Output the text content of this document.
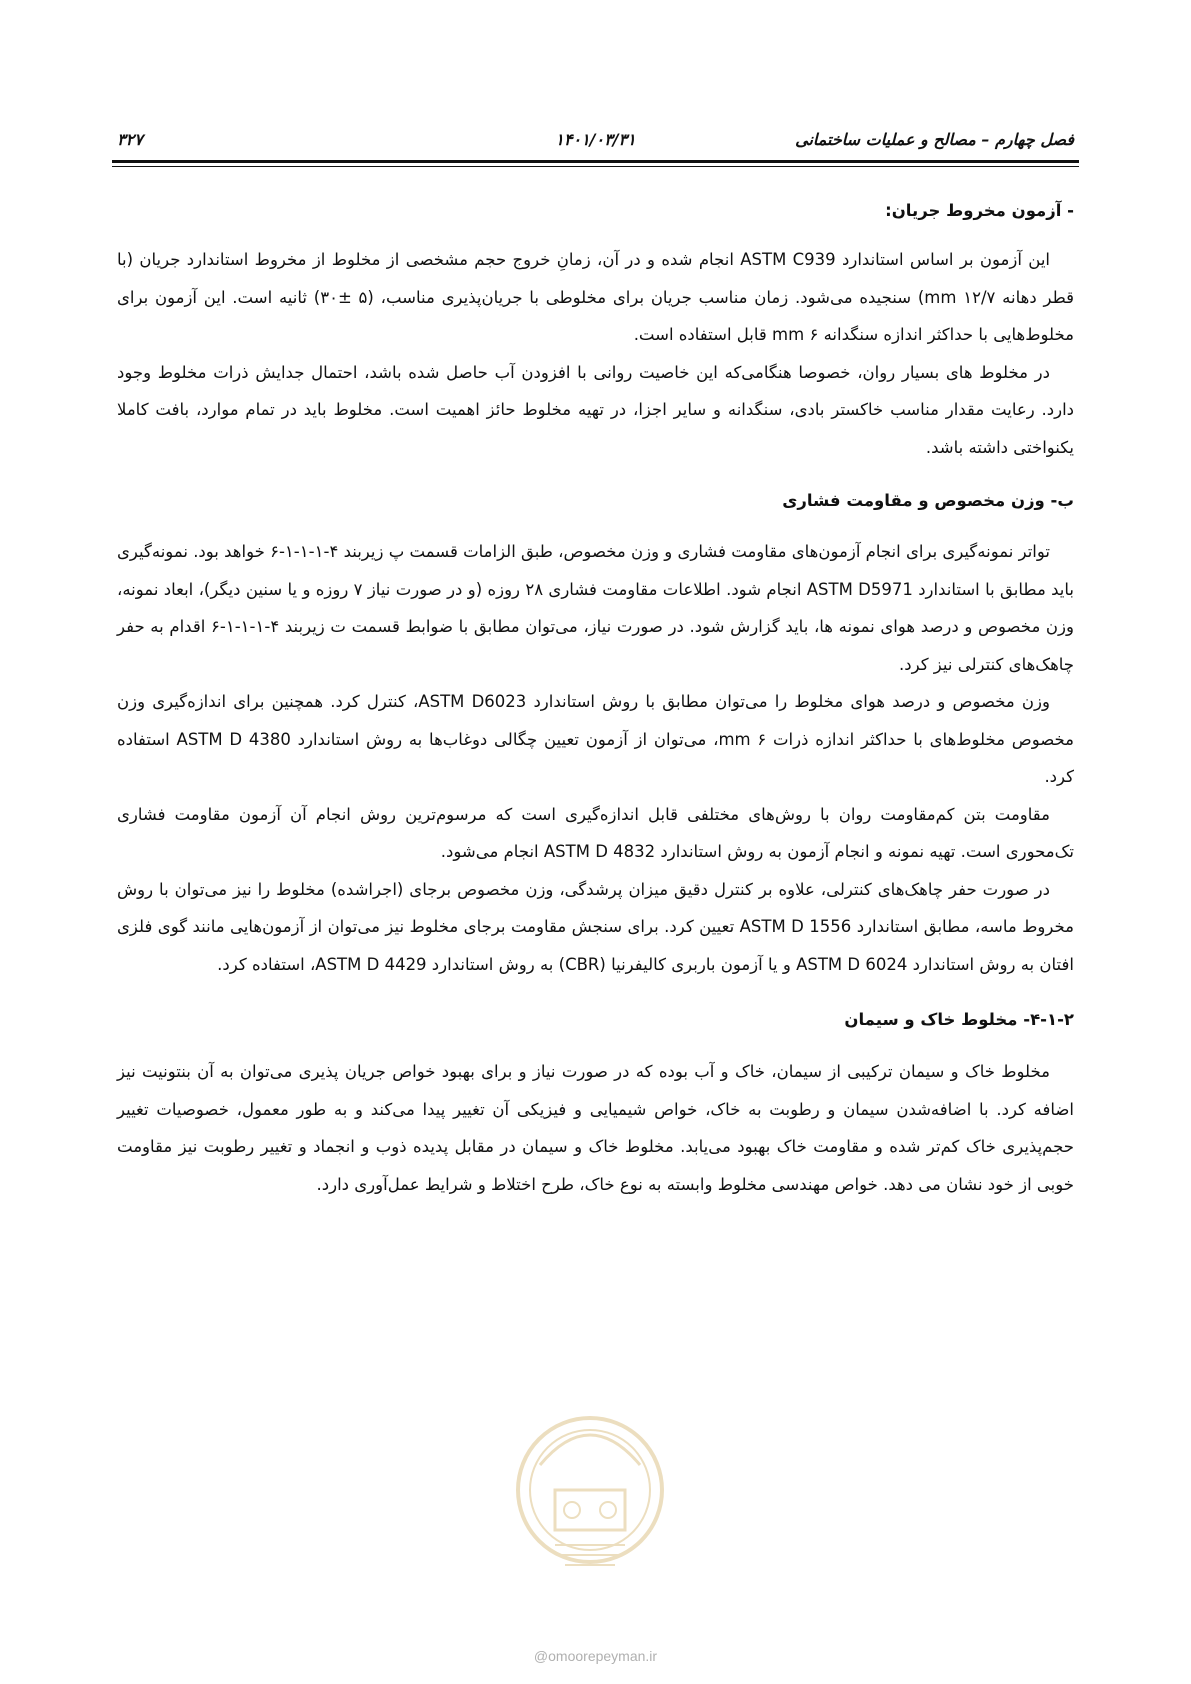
فصل چهارم – مصالح و عملیات ساختمانی
۱۴۰۱/۰۳/۳۱
۳۲۷
- آزمون مخروط جریان:

این آزمون بر اساس استاندارد ASTM C939 انجام شده و در آن، زمانِ خروج حجم مشخصی از مخلوط از مخروط استاندارد جریان (با قطر دهانه ۱۲/۷ mm) سنجیده می‌شود. زمان مناسب جریان برای مخلوطی با جریان‌پذیری مناسب، (۵ ±۳۰) ثانیه است. این آزمون برای مخلوط‌هایی با حداکثر اندازه سنگدانه ۶ mm قابل استفاده است.

در مخلوط های بسیار روان، خصوصا هنگامی‌که این خاصیت روانی با افزودن آب حاصل شده باشد، احتمال جدایش ذرات مخلوط وجود دارد. رعایت مقدار مناسب خاکستر بادی، سنگدانه و سایر اجزا، در تهیه مخلوط حائز اهمیت است. مخلوط باید در تمام موارد، بافت کاملا یکنواختی داشته باشد.

ب- وزن مخصوص و مقاومت فشاری

تواتر نمونه‌گیری برای انجام آزمون‌های مقاومت فشاری و وزن مخصوص، طبق الزامات قسمت پ زیربند ۴-۱-۱-۱-۶ خواهد بود. نمونه‌گیری باید مطابق با استاندارد ASTM D5971 انجام شود. اطلاعات مقاومت فشاری ۲۸ روزه (و در صورت نیاز ۷ روزه و یا سنین دیگر)، ابعاد نمونه، وزن مخصوص و درصد هوای نمونه ها، باید گزارش شود. در صورت نیاز، می‌توان مطابق با ضوابط قسمت ت زیربند ۴-۱-۱-۱-۶ اقدام به حفر چاهک‌های کنترلی نیز کرد.

وزن مخصوص و درصد هوای مخلوط را می‌توان مطابق با روش استاندارد ASTM D6023، کنترل کرد. همچنین برای اندازه‌گیری وزن مخصوص مخلوط‌های با حداکثر اندازه ذرات ۶ mm، می‌توان از آزمون تعیین چگالی دوغاب‌ها به روش استاندارد ASTM D 4380 استفاده کرد.

مقاومت بتن کم‌مقاومت روان با روش‌های مختلفی قابل اندازه‌گیری است که مرسوم‌ترین روش انجام آن آزمون مقاومت فشاری تک‌محوری است. تهیه نمونه و انجام آزمون به روش استاندارد ASTM D 4832 انجام می‌شود.

در صورت حفر چاهک‌های کنترلی، علاوه بر کنترل دقیق میزان پرشدگی، وزن مخصوص برجای (اجراشده) مخلوط را نیز می‌توان با روش مخروط ماسه، مطابق استاندارد ASTM D 1556 تعیین کرد. برای سنجش مقاومت برجای مخلوط نیز می‌توان از آزمون‌هایی مانند گوی فلزی افتان به روش استاندارد ASTM D 6024 و یا آزمون باربری کالیفرنیا (CBR) به روش استاندارد ASTM D 4429، استفاده کرد.

۴-۱-۲- مخلوط خاک و سیمان

مخلوط خاک و سیمان ترکیبی از سیمان، خاک و آب بوده که در صورت نیاز و برای بهبود خواص جریان پذیری می‌توان به آن بنتونیت نیز اضافه کرد. با اضافه‌شدن سیمان و رطوبت به خاک، خواص شیمیایی و فیزیکی آن تغییر پیدا می‌کند و به طور معمول، خصوصیات تغییر حجم‌پذیری خاک کم‌تر شده و مقاومت خاک بهبود می‌یابد. مخلوط خاک و سیمان در مقابل پدیده ذوب و انجماد و تغییر رطوبت نیز مقاومت خوبی از خود نشان می دهد. خواص مهندسی مخلوط وابسته به نوع خاک، طرح اختلاط و شرایط عمل‌آوری دارد.

@omoorepeyman.ir
